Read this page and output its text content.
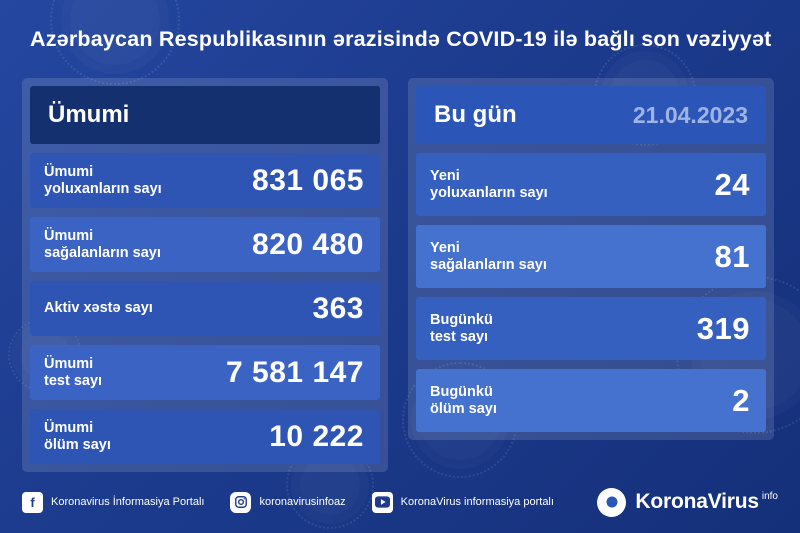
Azərbaycan Respublikasının ərazisində COVID-19 ilə bağlı son vəziyyət
Ümumi
Ümumi
yoluxanların sayı	831 065
Ümumi
sağalanların sayı	820 480
Aktiv xəstə sayı	363
Ümumi
test sayı	7 581 147
Ümumi
ölüm sayı	10 222
Bu gün	21.04.2023
Yeni
yoluxanların sayı	24
Yeni
sağalanların sayı	81
Bugünkü
test sayı	319
Bugünkü
ölüm sayı	2
f	Koronavirus İnformasiya Portalı	koronavirusinfoaz	KoronaVirus informasiya portalı	KoronaVirus info
